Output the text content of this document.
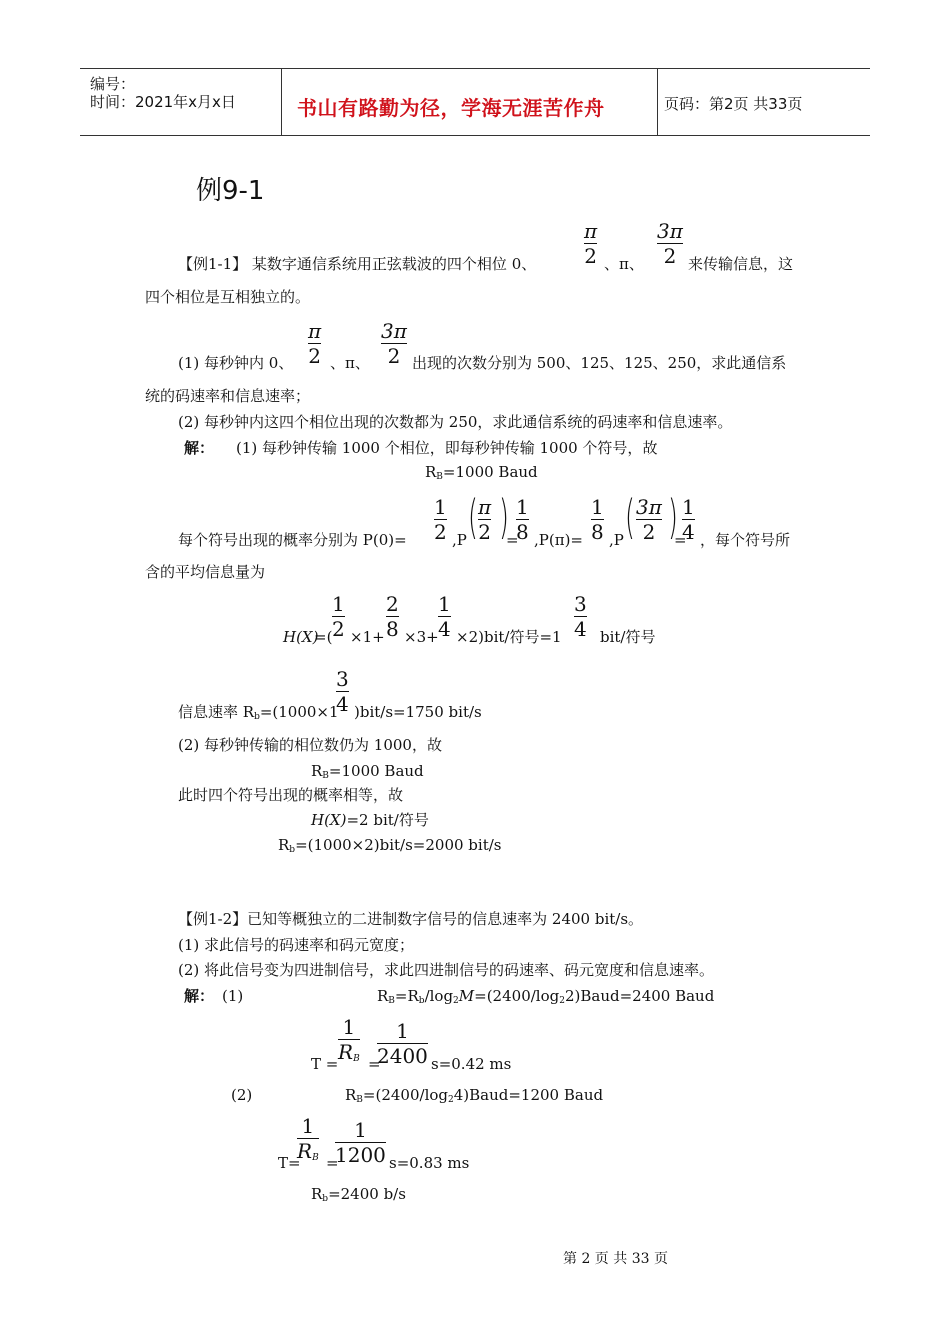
编号：
时间：2021年x月x日	书山有路勤为径，学海无涯苦作舟	页码：第2页 共33页
例9-1
【例1-1】 某数字通信系统用正弦载波的四个相位 0、
π
2 、π、
3π
2 来传输信息，这
四个相位是互相独立的。
(1) 每秒钟内 0、
π
2 、π、
3π
2 出现的次数分别为 500、125、125、250，求此通信系
统的码速率和信息速率；
(2) 每秒钟内这四个相位出现的次数都为 250，求此通信系统的码速率和信息速率。
解： (1) 每秒钟传输 1000 个相位，即每秒钟传输 1000 个符号，故
$R_B=1000$ Baud
每个符号出现的概率分别为 P(0)=
1
2 ,P ( π
2 )
=
1
8 ,P(π)=
1
8 ,P ( 3π
2 )
=
1
4 ，每个符号所
含的平均信息量为
H(X)
=(
1
2 ×1+
2
8 ×3+
1
4 ×2)bit/符号=1
3
4 bit/符号
信息速率 $R_b=(1000\times 1$
3
4 )bit/s=1750 bit/s
(2) 每秒钟传输的相位数仍为 1000，故
$R_B=1000$ Baud
此时四个符号出现的概率相等，故
H(X)=2 bit/符号
$R_b=(1000\times 2)bit/s=2000$ bit/s
【例1-2】已知等概独立的二进制数字信号的信息速率为 2400 bit/s。
(1) 求此信号的码速率和码元宽度；
(2) 将此信号变为四进制信号，求此四进制信号的码速率、码元宽度和信息速率。
解： (1)	$R_B=R_b/\log_2M=(2400/\log_22)Baud=2400$ Baud
T =
1
$R_B$ =
1
2400 s=0.42 ms
(2)	$R_B=(2400/\log_24)Baud=1200$ Baud
T=
1
$R_B$ =
1
1200 s=0.83 ms
$R_b=2400$ b/s
第 2 页 共 33 页
